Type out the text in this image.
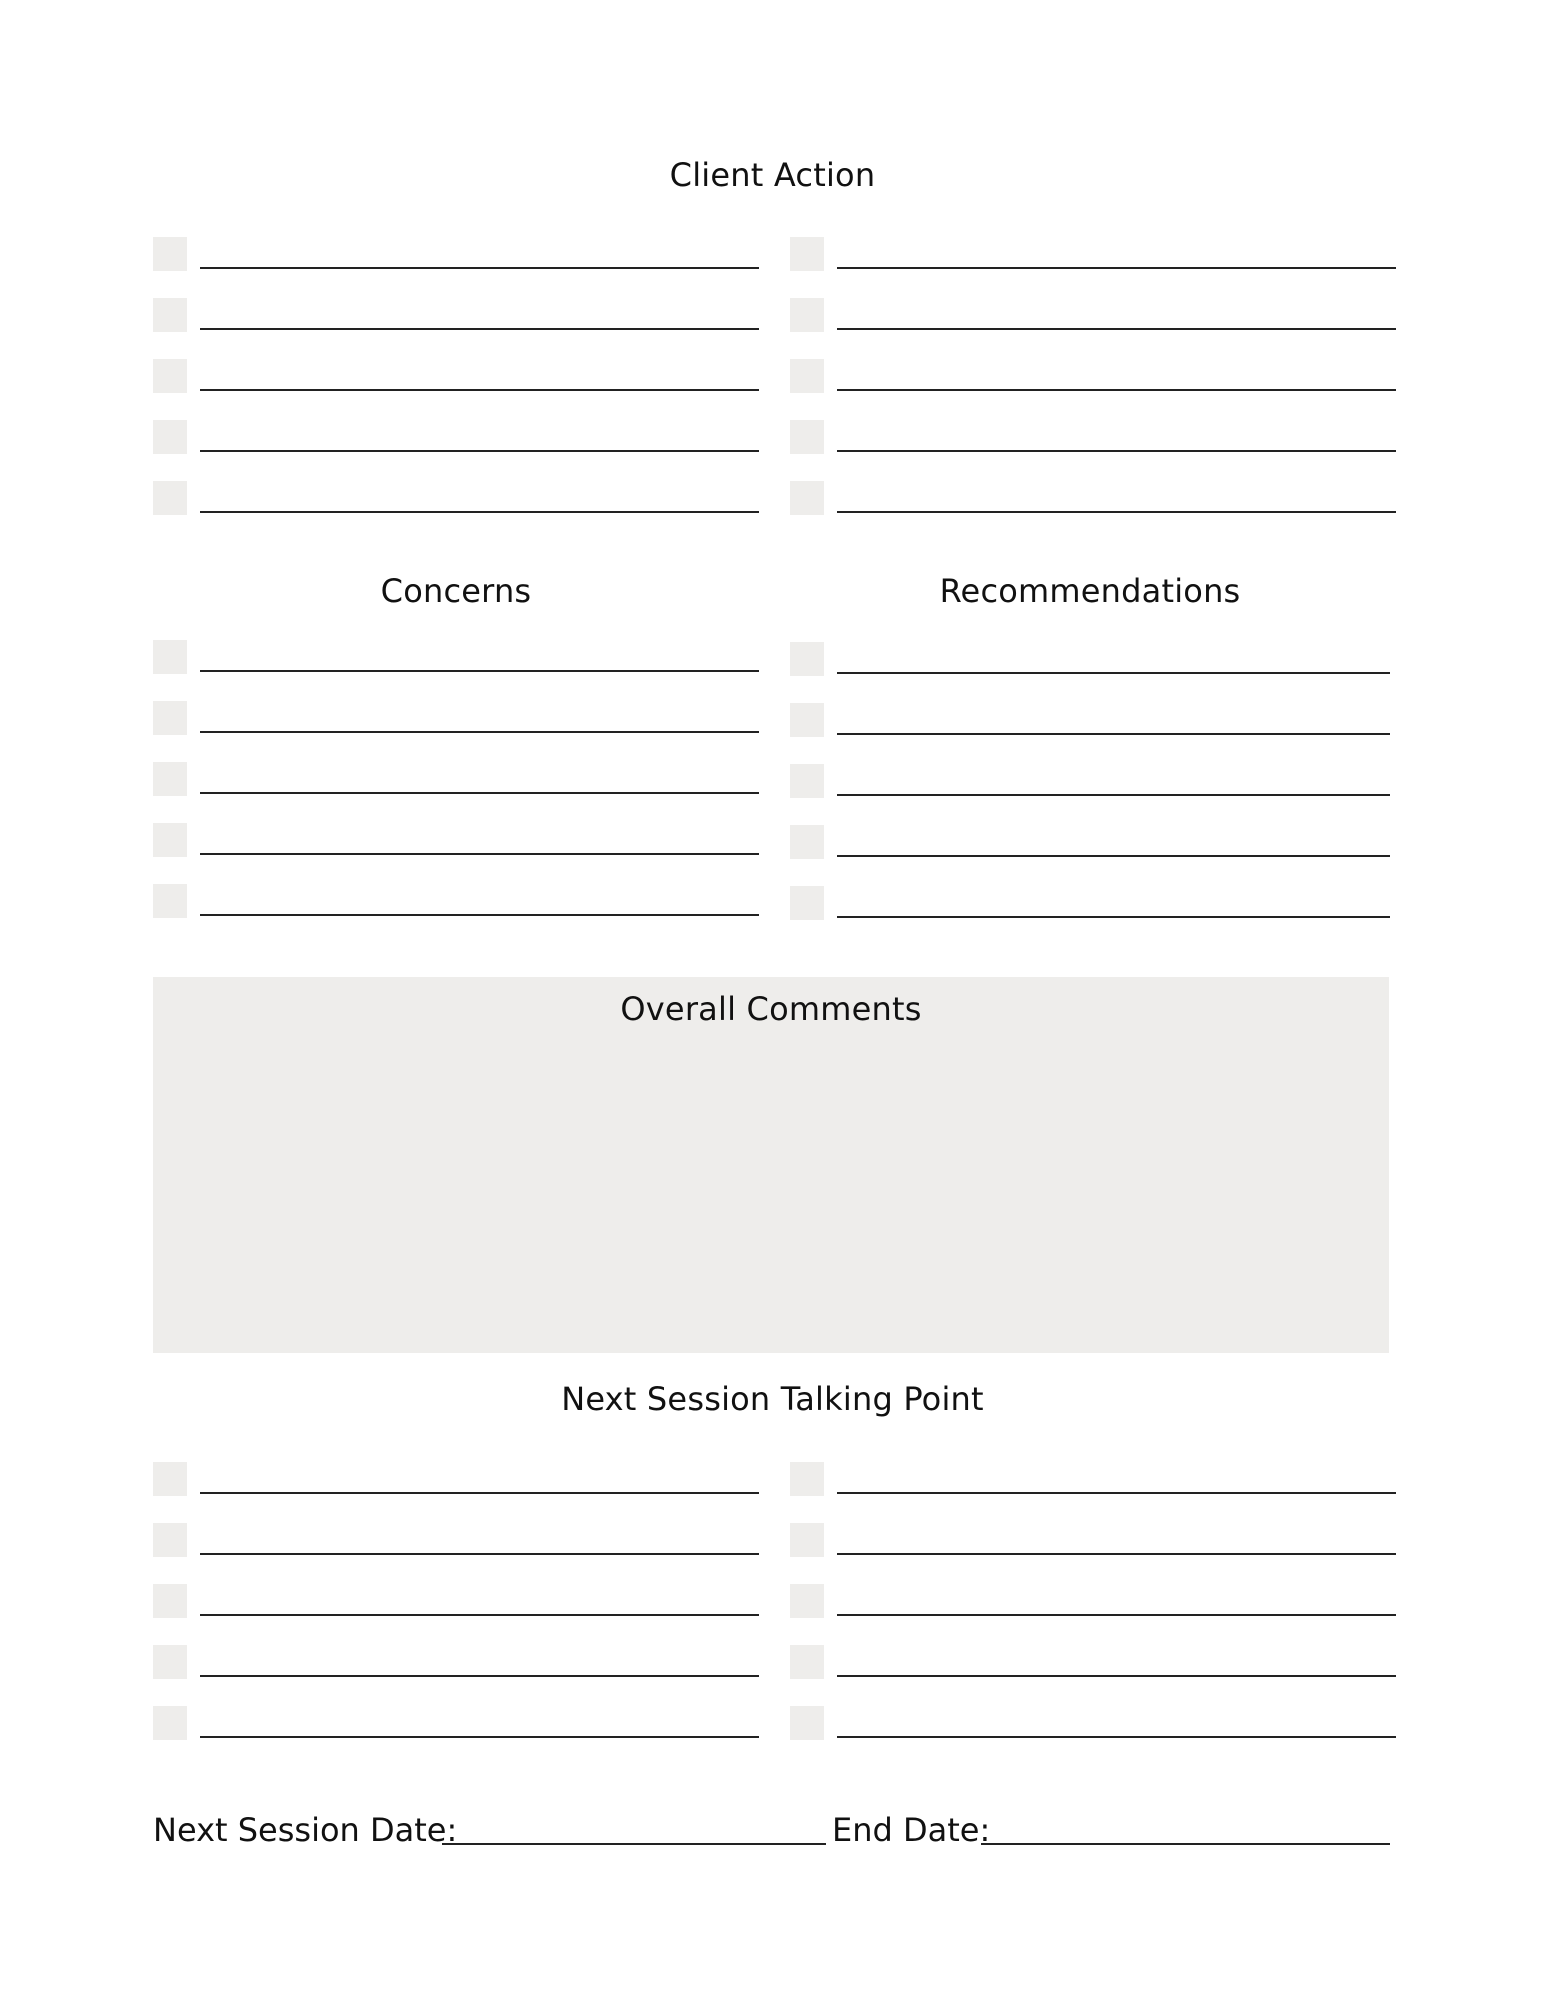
Client Action
Concerns	Recommendations
Overall Comments
Next Session Talking Point

Next Session Date:	End Date:
